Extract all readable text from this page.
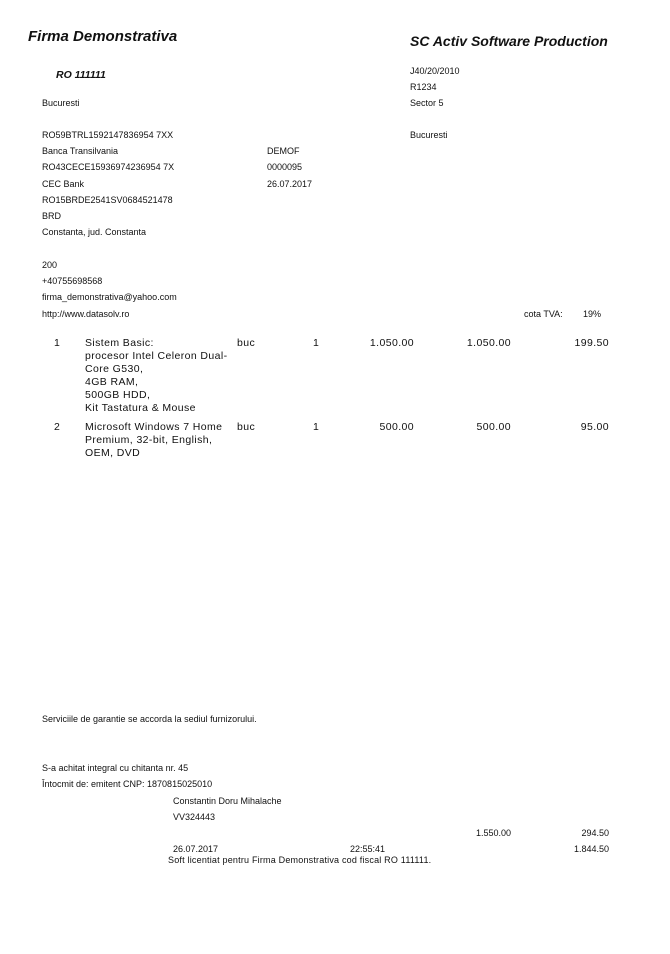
Firma Demonstrativa
RO 111111
Bucuresti
SC Activ Software Production
J40/20/2010
R1234
Sector 5
Bucuresti
RO59BTRL1592147836954 7XX
Banca Transilvania
RO43CECE15936974236954 7X
CEC Bank
RO15BRDE2541SV0684521478
BRD
Constanta, jud. Constanta
DEMOF
0000095
26.07.2017
200
+40755698568
firma_demonstrativa@yahoo.com
http://www.datasolv.ro	cota TVA: 19%
1 Sistem Basic:
procesor Intel Celeron Dual-Core G530,
4GB RAM,
500GB HDD,
Kit Tastatura & Mouse
buc	1	1.050.00	1.050.00	199.50
2 Microsoft Windows 7 Home Premium, 32-bit, English, OEM, DVD
buc	1	500.00	500.00	95.00
Serviciile de garantie se accorda la sediul furnizorului.
S-a achitat integral cu chitanta nr. 45
Întocmit de: emitent CNP: 1870815025010
Constantin Doru Mihalache
VV324443
1.550.00	294.50
26.07.2017	22:55:41	1.844.50
Soft licentiat pentru Firma Demonstrativa cod fiscal RO 111111.
